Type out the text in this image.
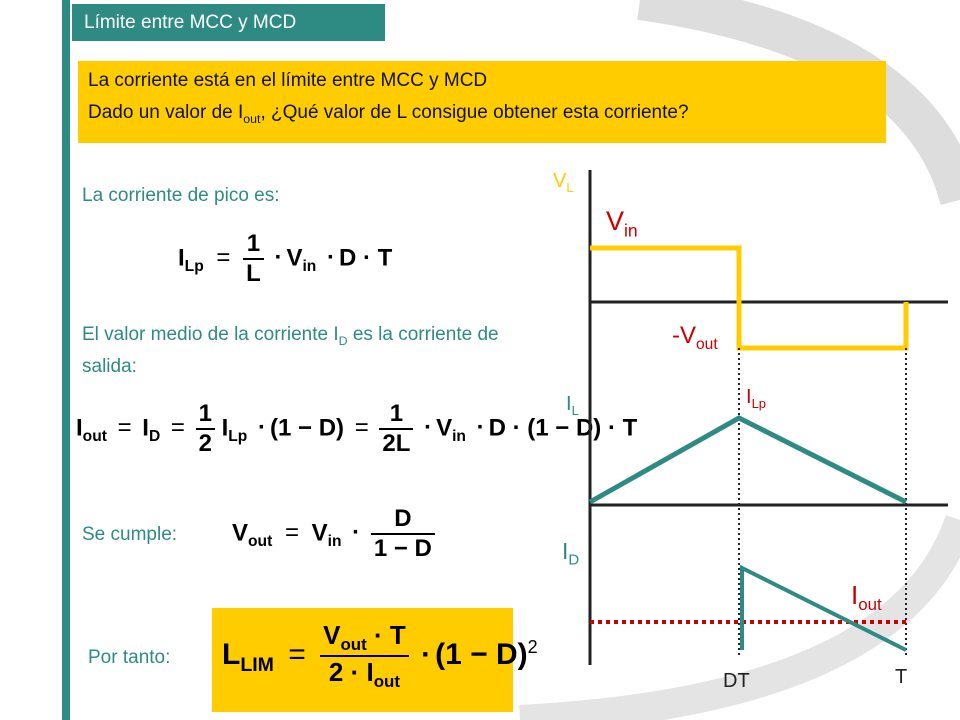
Límite entre MCC y MCD

La corriente está en el límite entre MCC y MCD

Dado un valor de $I_{out}$, ¿Qué valor de L consigue obtener esta corriente?

La corriente de pico es:
$I_{Lp} = \frac{1}{L} \cdot V_{in} \cdot D \cdot T$
El valor medio de la corriente $I_D$ es la corriente de salida:
$I_{out} = I_D = \frac{1}{2} I_{Lp} \cdot (1 - D) = \frac{1}{2L} \cdot V_{in} \cdot D \cdot (1 - D) \cdot T$
Se cumple: $V_{out} = V_{in} \cdot \frac{D}{1 - D}$
Por tanto: $L_{LIM} = \frac{V_{out} \cdot T}{2 \cdot I_{out}} \cdot (1 - D)^2$
$V_L$
$V_{in}$
$-V_{out}$
$I_L$
$I_{Lp}$
$I_D$
$I_{out}$
DT	T
